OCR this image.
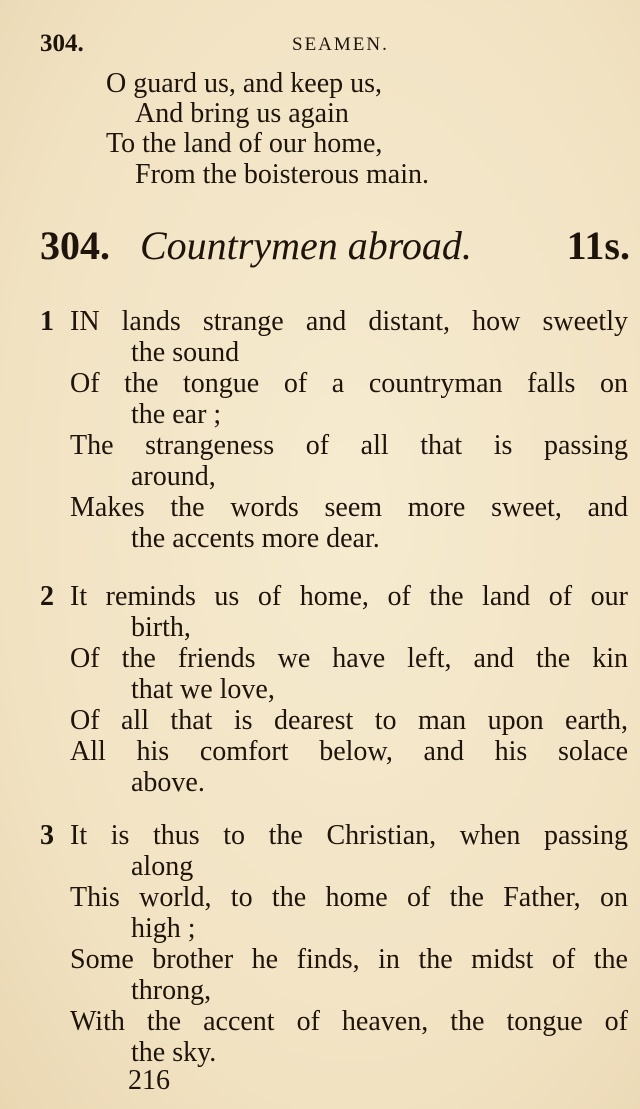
304.	SEAMEN.
O guard us, and keep us,
And bring us again
To the land of our home,
From the boisterous main.
304. Countrymen abroad. 11s.
1 IN lands strange and distant, how sweetly
the sound
Of the tongue of a countryman falls on
the ear ;
The strangeness of all that is passing
around,
Makes the words seem more sweet, and
the accents more dear.
2 It reminds us of home, of the land of our
birth,
Of the friends we have left, and the kin
that we love,
Of all that is dearest to man upon earth,
All his comfort below, and his solace
above.
3 It is thus to the Christian, when passing
along
This world, to the home of the Father, on
high ;
Some brother he finds, in the midst of the
throng,
With the accent of heaven, the tongue of
the sky.
216
